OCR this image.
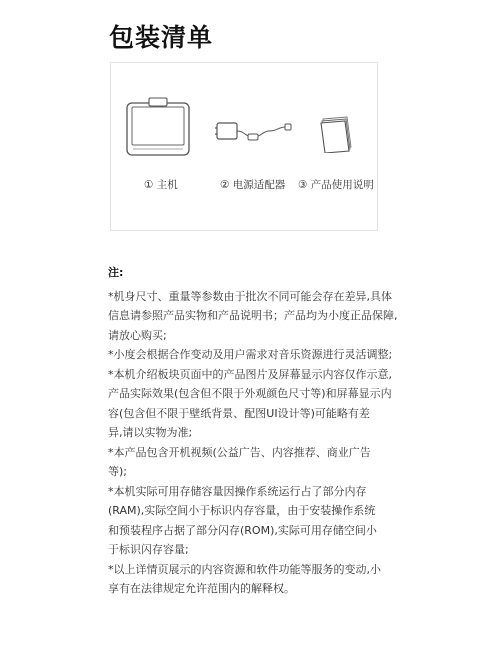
包装清单
① 主机	② 电源适配器 ③ 产品使用说明
注:

*机身尺寸、重量等参数由于批次不同可能会存在差异,具体

信息请参照产品实物和产品说明书；产品均为小度正品保障,

请放心购买;

*小度会根据合作变动及用户需求对音乐资源进行灵活调整;

*本机介绍板块页面中的产品图片及屏幕显示内容仅作示意,

产品实际效果(包含但不限于外观颜色尺寸等)和屏幕显示内

容(包含但不限于壁纸背景、配图UI设计等)可能略有差

异,请以实物为准;

*本产品包含开机视频(公益广告、内容推荐、商业广告

等);

*本机实际可用存储容量因操作系统运行占了部分内存

(RAM),实际空间小于标识内存容量，由于安装操作系统

和预装程序占据了部分闪存(ROM),实际可用存储空间小

于标识闪存容量;

*以上详情页展示的内容资源和软件功能等服务的变动,小

享有在法律规定允许范围内的解释权。
